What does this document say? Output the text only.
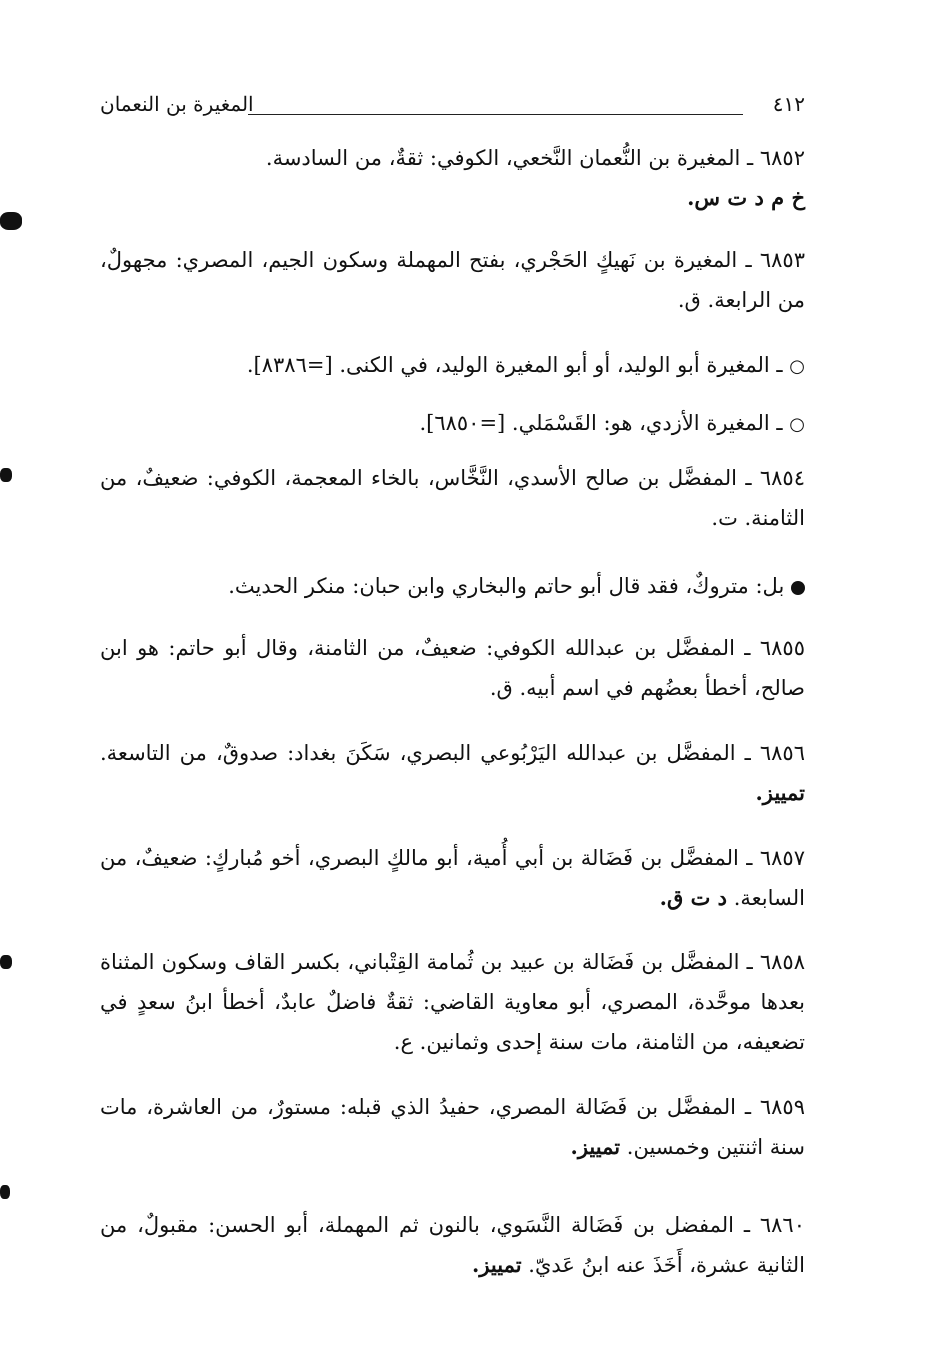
٤١٢
المغيرة بن النعمان
٦٨٥٢ ـ المغيرة بن النُّعمان النَّخعي، الكوفي: ثقةٌ، من السادسة.
خ م د ت س.
٦٨٥٣ ـ المغيرة بن نَهيكٍ الحَجْري، بفتح المهملة وسكون الجيم، المصري: مجهولٌ، من الرابعة. ق.
○ ـ المغيرة أبو الوليد، أو أبو المغيرة الوليد، في الكنى. [=٨٣٨٦].
○ ـ المغيرة الأزدي، هو: القَسْمَلي. [=٦٨٥٠].
٦٨٥٤ ـ المفضَّل بن صالح الأسدي، النَّخَّاس، بالخاء المعجمة، الكوفي: ضعيفٌ، من الثامنة. ت.
بل: متروكٌ، فقد قال أبو حاتم والبخاري وابن حبان: منكر الحديث.
٦٨٥٥ ـ المفضَّل بن عبدالله الكوفي: ضعيفٌ، من الثامنة، وقال أبو حاتم: هو ابن صالح، أخطأ بعضُهم في اسم أبيه. ق.
٦٨٥٦ ـ المفضَّل بن عبدالله اليَرْبُوعي البصري، سَكَنَ بغداد: صدوقٌ، من التاسعة. تمييز.
٦٨٥٧ ـ المفضَّل بن فَضَالة بن أبي أُمية، أبو مالكٍ البصري، أخو مُباركٍ: ضعيفٌ، من السابعة. د ت ق.
٦٨٥٨ ـ المفضَّل بن فَضَالة بن عبيد بن ثُمامة القِتْباني، بكسر القاف وسكون المثناة بعدها موحَّدة، المصري، أبو معاوية القاضي: ثقةٌ فاضلٌ عابدٌ، أخطأ ابنُ سعدٍ في تضعيفه، من الثامنة، مات سنة إحدى وثمانين. ع.
٦٨٥٩ ـ المفضَّل بن فَضَالة المصري، حفيدُ الذي قبله: مستورٌ، من العاشرة، مات سنة اثنتين وخمسين. تمييز.
٦٨٦٠ ـ المفضل بن فَضَالة النَّسَوي، بالنون ثم المهملة، أبو الحسن: مقبولٌ، من الثانية عشرة، أَخَذَ عنه ابنُ عَديّ. تمييز.
